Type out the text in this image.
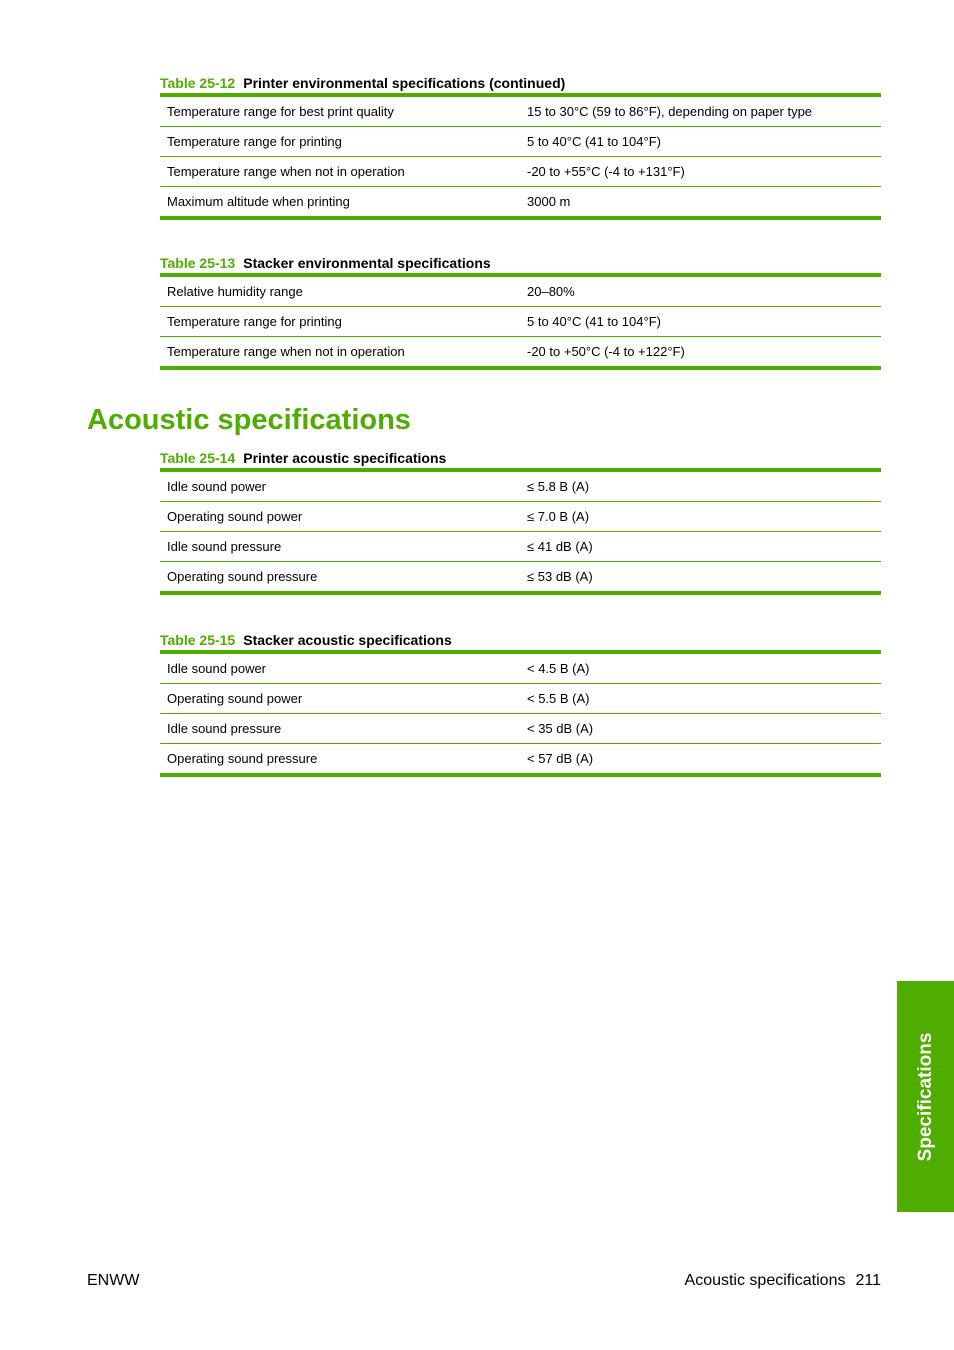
Table 25-12 Printer environmental specifications (continued)
Temperature range for best print quality	15 to 30°C (59 to 86°F), depending on paper type
Temperature range for printing	5 to 40°C (41 to 104°F)
Temperature range when not in operation	-20 to +55°C (-4 to +131°F)
Maximum altitude when printing	3000 m
Table 25-13 Stacker environmental specifications
Relative humidity range	20–80%
Temperature range for printing	5 to 40°C (41 to 104°F)
Temperature range when not in operation	-20 to +50°C (-4 to +122°F)
Acoustic specifications
Table 25-14 Printer acoustic specifications
Idle sound power	≤ 5.8 B (A)
Operating sound power	≤ 7.0 B (A)
Idle sound pressure	≤ 41 dB (A)
Operating sound pressure	≤ 53 dB (A)
Table 25-15 Stacker acoustic specifications
Idle sound power	< 4.5 B (A)
Operating sound power	< 5.5 B (A)
Idle sound pressure	< 35 dB (A)
Operating sound pressure	< 57 dB (A)
Specifications
ENWW	Acoustic specifications 211
